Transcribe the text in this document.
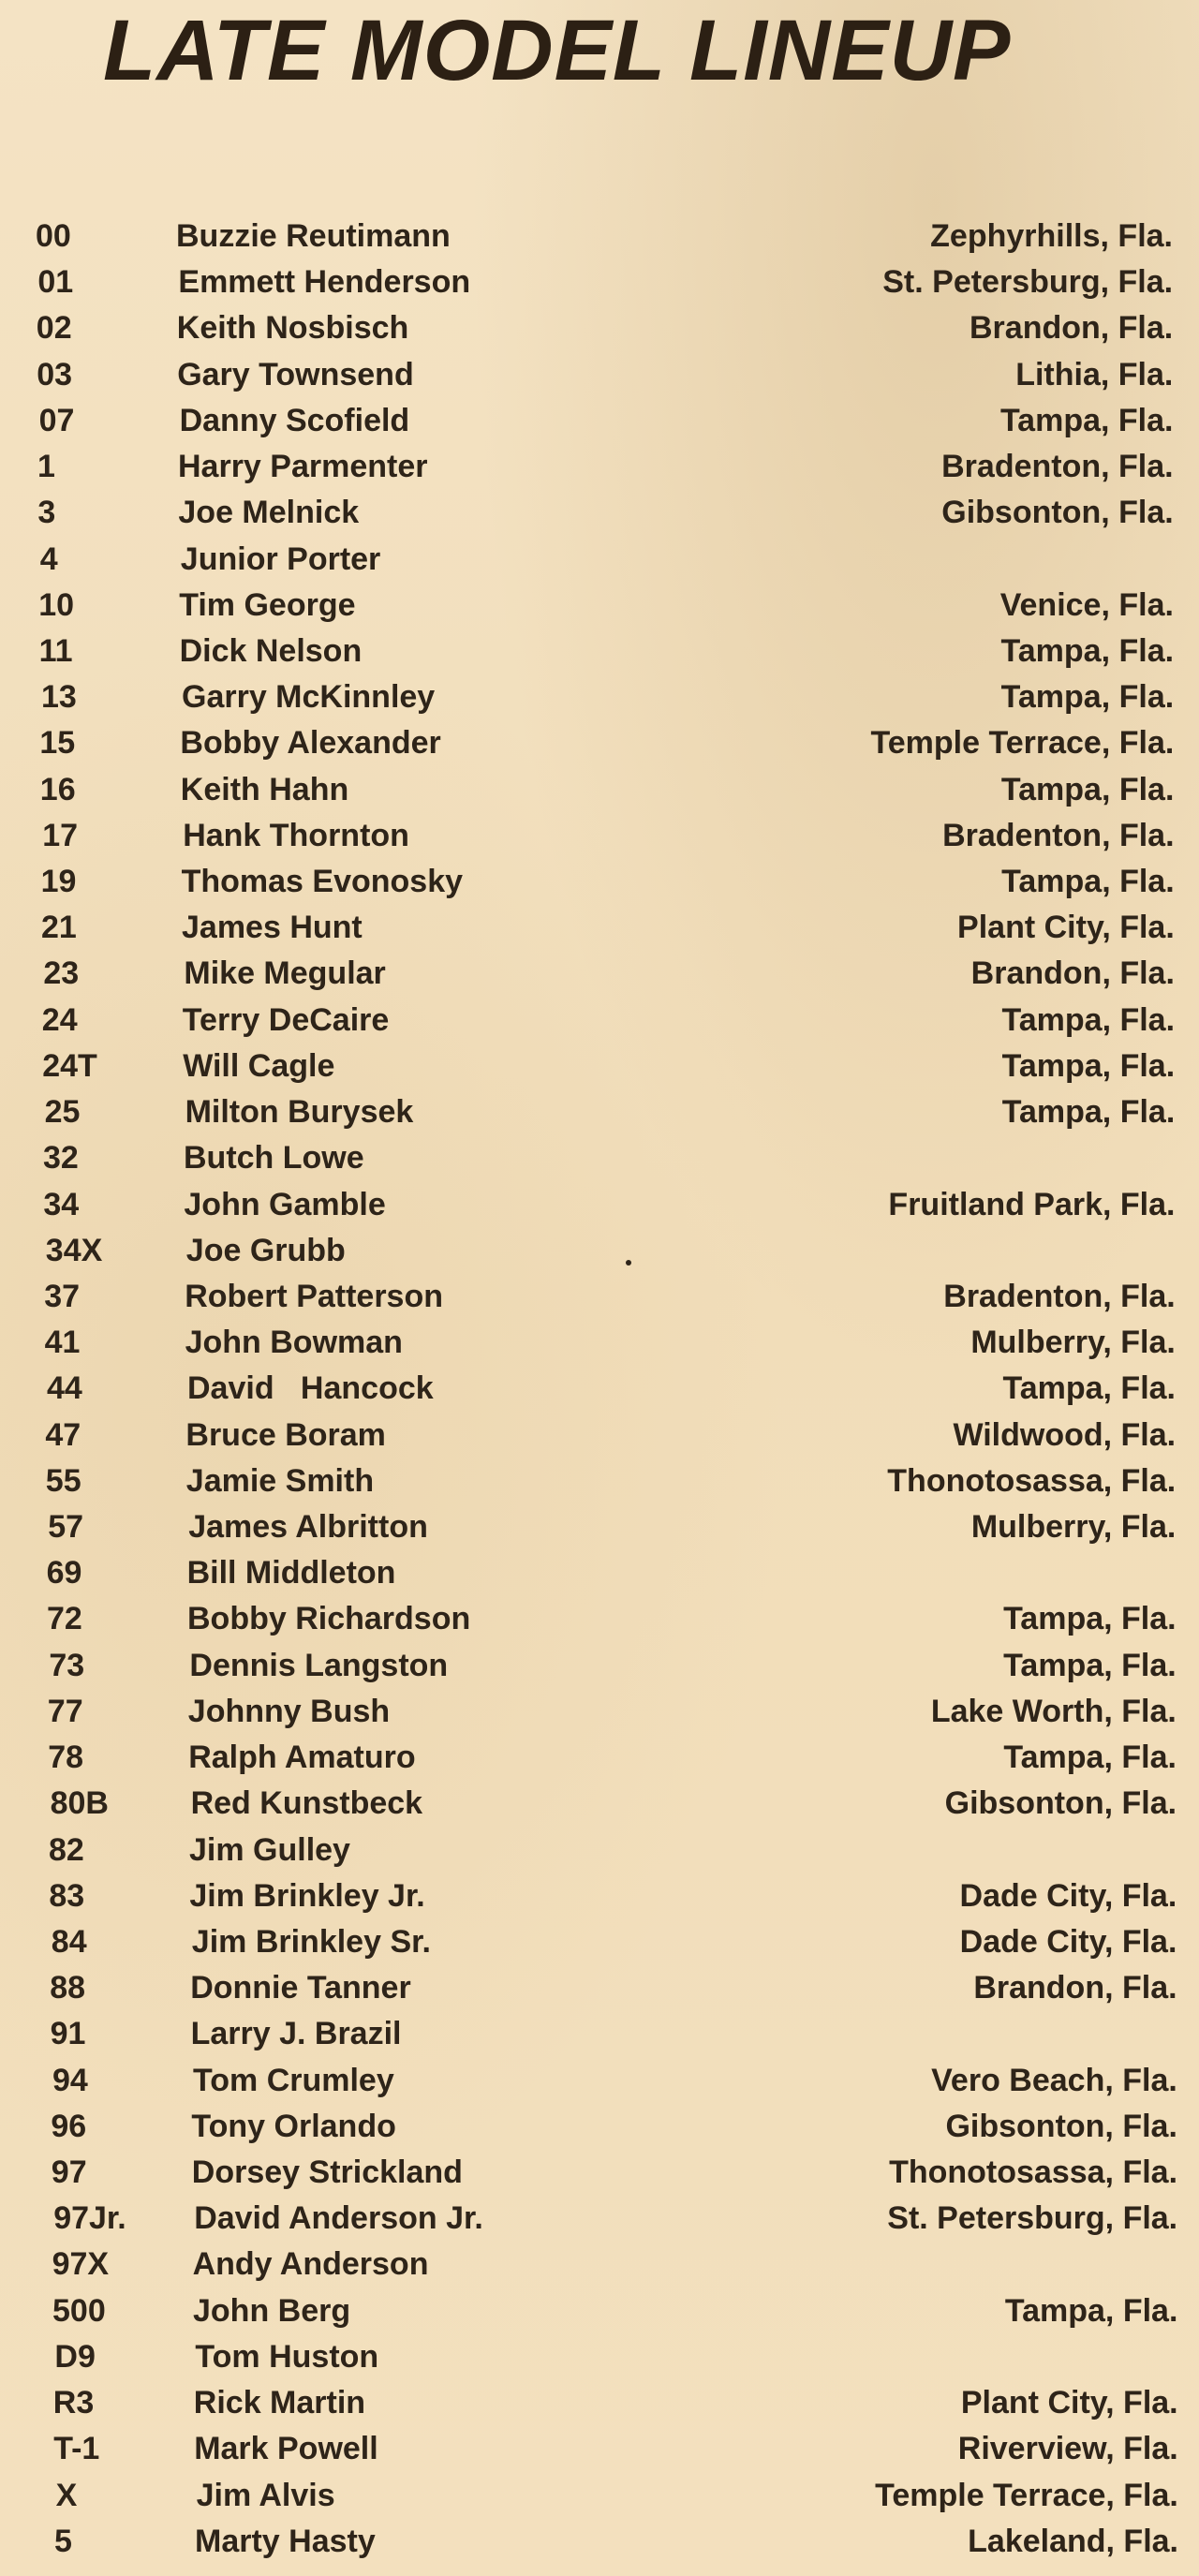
LATE MODEL LINEUP
00	Buzzie Reutimann	Zephyrhills, Fla.
01	Emmett Henderson	St. Petersburg, Fla.
02	Keith Nosbisch	Brandon, Fla.
03	Gary Townsend	Lithia, Fla.
07	Danny Scofield	Tampa, Fla.
1	Harry Parmenter	Bradenton, Fla.
3	Joe Melnick	Gibsonton, Fla.
4	Junior Porter
10	Tim George	Venice, Fla.
11	Dick Nelson	Tampa, Fla.
13	Garry McKinnley	Tampa, Fla.
15	Bobby Alexander	Temple Terrace, Fla.
16	Keith Hahn	Tampa, Fla.
17	Hank Thornton	Bradenton, Fla.
19	Thomas Evonosky	Tampa, Fla.
21	James Hunt	Plant City, Fla.
23	Mike Megular	Brandon, Fla.
24	Terry DeCaire	Tampa, Fla.
24T	Will Cagle	Tampa, Fla.
25	Milton Burysek	Tampa, Fla.
32	Butch Lowe
34	John Gamble	Fruitland Park, Fla.
34X	Joe Grubb
37	Robert Patterson	Bradenton, Fla.
41	John Bowman	Mulberry, Fla.
44	David   Hancock	Tampa, Fla.
47	Bruce Boram	Wildwood, Fla.
55	Jamie Smith	Thonotosassa, Fla.
57	James Albritton	Mulberry, Fla.
69	Bill Middleton
72	Bobby Richardson	Tampa, Fla.
73	Dennis Langston	Tampa, Fla.
77	Johnny Bush	Lake Worth, Fla.
78	Ralph Amaturo	Tampa, Fla.
80B	Red Kunstbeck	Gibsonton, Fla.
82	Jim Gulley
83	Jim Brinkley Jr.	Dade City, Fla.
84	Jim Brinkley Sr.	Dade City, Fla.
88	Donnie Tanner	Brandon, Fla.
91	Larry J. Brazil
94	Tom Crumley	Vero Beach, Fla.
96	Tony Orlando	Gibsonton, Fla.
97	Dorsey Strickland	Thonotosassa, Fla.
97Jr.	David Anderson Jr.	St. Petersburg, Fla.
97X	Andy Anderson
500	John Berg	Tampa, Fla.
D9	Tom Huston
R3	Rick Martin	Plant City, Fla.
T-1	Mark Powell	Riverview, Fla.
X	Jim Alvis	Temple Terrace, Fla.
5	Marty Hasty	Lakeland, Fla.
